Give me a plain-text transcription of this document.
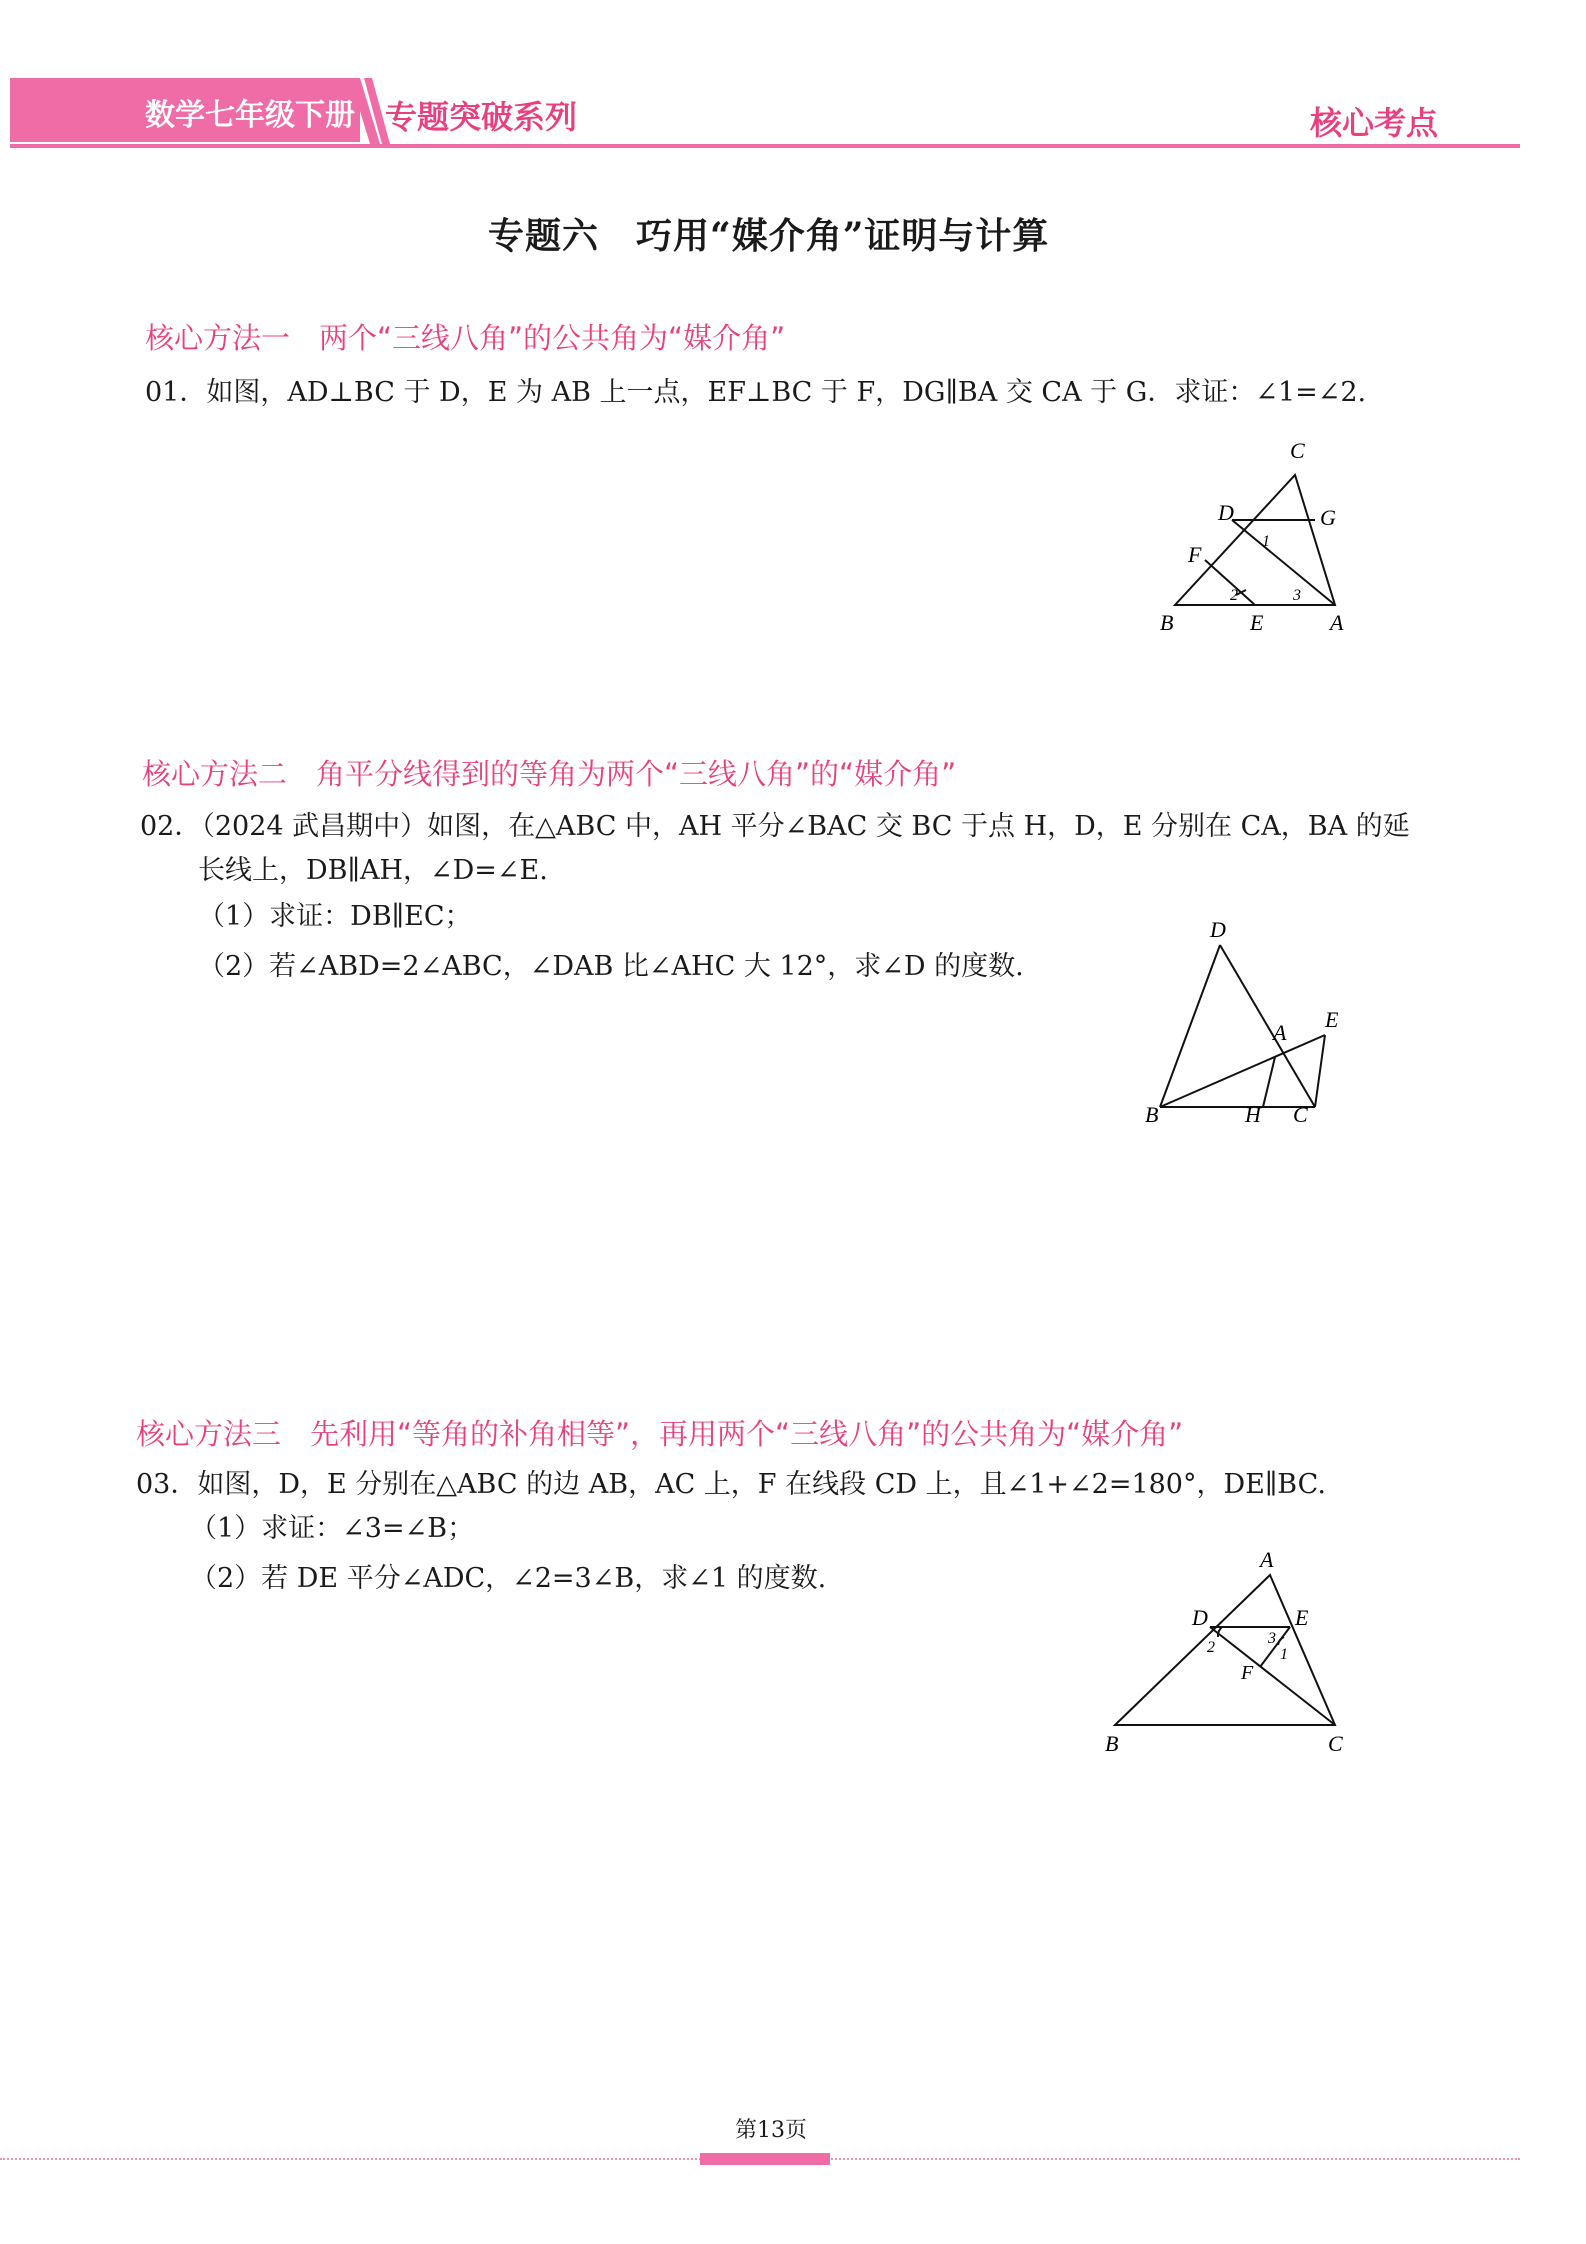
数学七年级下册 专题突破系列	核心考点
专题六　巧用“媒介角”证明与计算
核心方法一　两个“三线八角”的公共角为“媒介角”
01．如图，AD⊥BC 于 D，E 为 AB 上一点，EF⊥BC 于 F，DG∥BA 交 CA 于 G．求证：∠1=∠2.
C
D	G
F
1
2	3
B	E	A
核心方法二　角平分线得到的等角为两个“三线八角”的“媒介角”
02．（2024 武昌期中）如图，在△ABC 中，AH 平分∠BAC 交 BC 于点 H，D，E 分别在 CA，BA 的延
长线上，DB∥AH，∠D=∠E.
（1）求证：DB∥EC；
（2）若∠ABD=2∠ABC，∠DAB 比∠AHC 大 12°，求∠D 的度数.
D
A
E
B	H C
核心方法三　先利用“等角的补角相等”，再用两个“三线八角”的公共角为“媒介角”
03．如图，D，E 分别在△ABC 的边 AB，AC 上，F 在线段 CD 上，且∠1+∠2=180°，DE∥BC.
（1）求证：∠3=∠B；
（2）若 DE 平分∠ADC，∠2=3∠B，求∠1 的度数.
A
D	E
3
1
2
F
B	C
第13页
